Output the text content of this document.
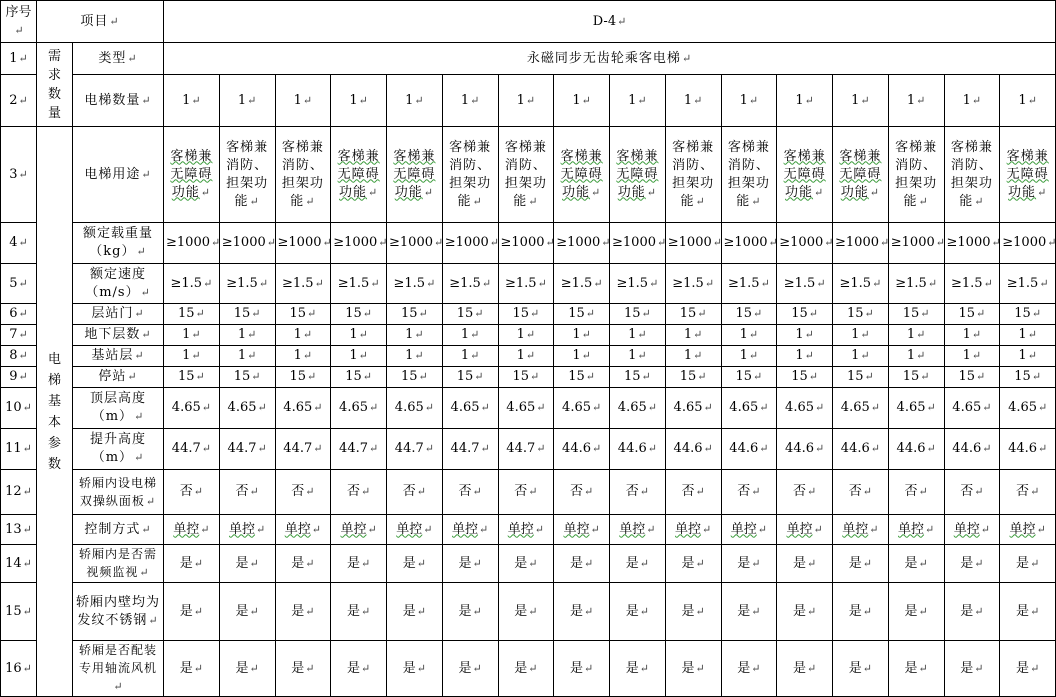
序号↵	项目↵		D-4↵															
1↵	需求数量	类型↵	永磁同步无齿轮乘客电梯↵															
2↵		电梯数量↵	1↵	1↵	1↵	1↵	1↵	1↵	1↵	1↵	1↵	1↵	1↵	1↵	1↵	1↵	1↵	1↵
3↵	电梯基本参数	电梯用途↵	客梯兼无障碍功能↵	客梯兼消防、担架功能↵	客梯兼消防、担架功能↵	客梯兼无障碍功能↵	客梯兼无障碍功能↵	客梯兼消防、担架功能↵	客梯兼消防、担架功能↵	客梯兼无障碍功能↵	客梯兼无障碍功能↵	客梯兼消防、担架功能↵	客梯兼消防、担架功能↵	客梯兼无障碍功能↵	客梯兼无障碍功能↵	客梯兼消防、担架功能↵	客梯兼消防、担架功能↵	客梯兼无障碍功能↵
4↵		额定载重量（kg）↵	≥1000↵	≥1000↵	≥1000↵	≥1000↵	≥1000↵	≥1000↵	≥1000↵	≥1000↵	≥1000↵	≥1000↵	≥1000↵	≥1000↵	≥1000↵	≥1000↵	≥1000↵	≥1000↵
5↵		额定速度（m/s）↵	≥1.5↵	≥1.5↵	≥1.5↵	≥1.5↵	≥1.5↵	≥1.5↵	≥1.5↵	≥1.5↵	≥1.5↵	≥1.5↵	≥1.5↵	≥1.5↵	≥1.5↵	≥1.5↵	≥1.5↵	≥1.5↵
6↵		层站门↵	15↵	15↵	15↵	15↵	15↵	15↵	15↵	15↵	15↵	15↵	15↵	15↵	15↵	15↵	15↵	15↵
7↵		地下层数↵	1↵	1↵	1↵	1↵	1↵	1↵	1↵	1↵	1↵	1↵	1↵	1↵	1↵	1↵	1↵	1↵
8↵		基站层↵	1↵	1↵	1↵	1↵	1↵	1↵	1↵	1↵	1↵	1↵	1↵	1↵	1↵	1↵	1↵	1↵
9↵		停站↵	15↵	15↵	15↵	15↵	15↵	15↵	15↵	15↵	15↵	15↵	15↵	15↵	15↵	15↵	15↵	15↵
10↵		顶层高度（m）↵	4.65↵	4.65↵	4.65↵	4.65↵	4.65↵	4.65↵	4.65↵	4.65↵	4.65↵	4.65↵	4.65↵	4.65↵	4.65↵	4.65↵	4.65↵	4.65↵
11↵		提升高度（m）↵	44.7↵	44.7↵	44.7↵	44.7↵	44.7↵	44.7↵	44.7↵	44.6↵	44.6↵	44.6↵	44.6↵	44.6↵	44.6↵	44.6↵	44.6↵	44.6↵
12↵		轿厢内设电梯双操纵面板↵	否↵	否↵	否↵	否↵	否↵	否↵	否↵	否↵	否↵	否↵	否↵	否↵	否↵	否↵	否↵	否↵
13↵		控制方式↵	单控↵	单控↵	单控↵	单控↵	单控↵	单控↵	单控↵	单控↵	单控↵	单控↵	单控↵	单控↵	单控↵	单控↵	单控↵	单控↵
14↵		轿厢内是否需视频监视↵	是↵	是↵	是↵	是↵	是↵	是↵	是↵	是↵	是↵	是↵	是↵	是↵	是↵	是↵	是↵	是↵
15↵		轿厢内壁均为发纹不锈钢↵	是↵	是↵	是↵	是↵	是↵	是↵	是↵	是↵	是↵	是↵	是↵	是↵	是↵	是↵	是↵	是↵
16↵		轿厢是否配装专用轴流风机↵	是↵	是↵	是↵	是↵	是↵	是↵	是↵	是↵	是↵	是↵	是↵	是↵	是↵	是↵	是↵	是↵
